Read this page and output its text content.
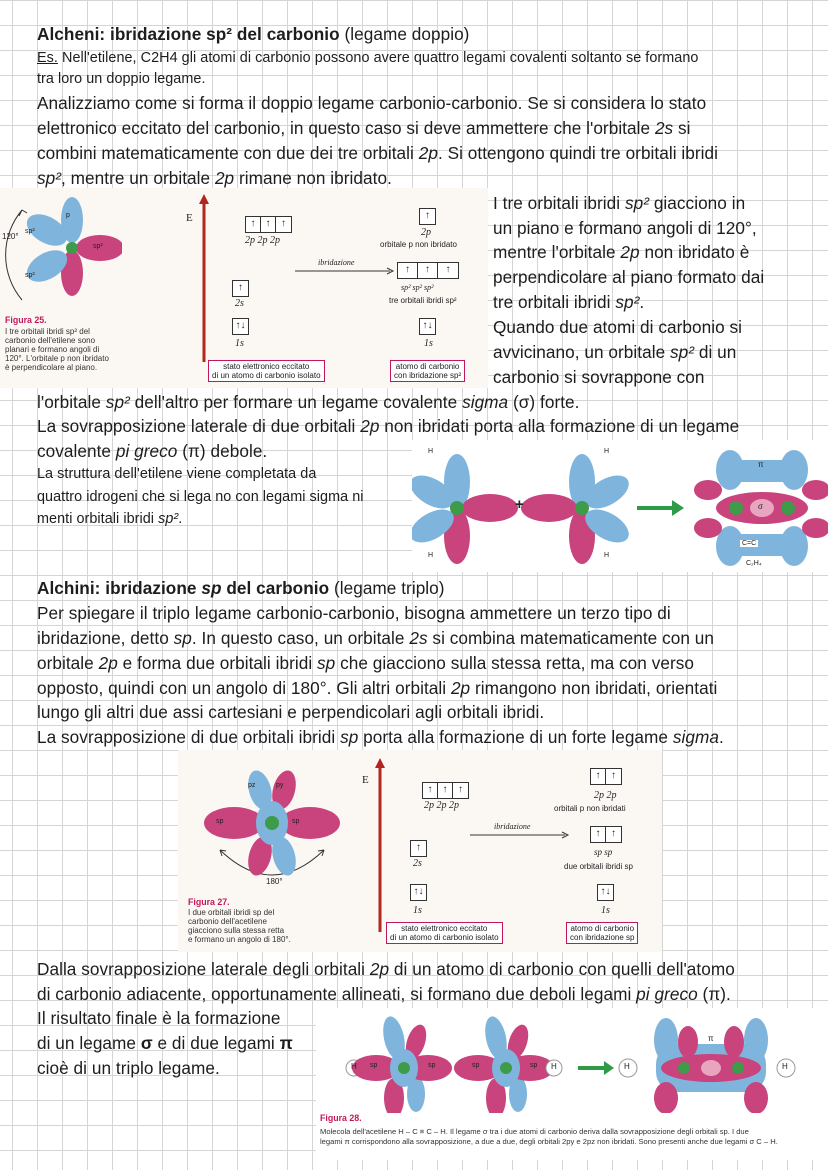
Alcheni: ibridazione sp² del carbonio (legame doppio)
Es. Nell'etilene, C2H4 gli atomi di carbonio possono avere quattro legami covalenti soltanto se formano
tra loro un doppio legame.
Analizziamo come si forma il doppio legame carbonio-carbonio. Se si considera lo stato
elettronico eccitato del carbonio, in questo caso si deve ammettere che l'orbitale 2s si
combini matematicamente con due dei tre orbitali 2p. Si ottengono quindi tre orbitali ibridi
sp², mentre un orbitale 2p rimane non ibridato.
I tre orbitali ibridi sp² giacciono in
un piano e formano angoli di 120°,
mentre l'orbitale 2p non ibridato è
perpendicolare al piano formato dai
tre orbitali ibridi sp².
Quando due atomi di carbonio si
avvicinano, un orbitale sp² di un
carbonio si sovrappone con
l'orbitale sp² dell'altro per formare un legame covalente sigma (σ) forte.
La sovrapposizione laterale di due orbitali 2p non ibridati porta alla formazione di un legame
covalente pi greco (π) debole.
La struttura dell'etilene viene completata da
quattro idrogeni che si lega no con legami sigma ni
menti orbitali ibridi sp².
120°
p
sp²
sp²
sp²
Figura 25.
I tre orbitali ibridi sp² del
carbonio dell'etilene sono
planari e formano angoli di
120°. L'orbitale p non ibridato
è perpendicolare al piano.
E	↑	↑	↑
2p 2p 2p
↑
2s
↑↓
1s
stato elettronico eccitato
di un atomo di carbonio isolato
ibridazione
↑
2p
orbitale p non ibridato
↑	↑	↑
sp² sp² sp²
tre orbitali ibridi sp²
↑↓
1s
atomo di carbonio
con ibridazione sp²
+
H
H
H
H
π
σ
C=C
C₂H₄
Alchini: ibridazione sp del carbonio (legame triplo)
Per spiegare il triplo legame carbonio-carbonio, bisogna ammettere un terzo tipo di
ibridazione, detto sp. In questo caso, un orbitale 2s si combina matematicamente con un
orbitale 2p e forma due orbitali ibridi sp che giacciono sulla stessa retta, ma con verso
opposto, quindi con un angolo di 180°. Gli altri orbitali 2p rimangono non ibridati, orientati
lungo gli altri due assi cartesiani e perpendicolari agli orbitali ibridi.
La sovrapposizione di due orbitali ibridi sp porta alla formazione di un forte legame sigma.
pz	py
sp	sp
180°
Figura 27.
I due orbitali ibridi sp del
carbonio dell'acetilene
giacciono sulla stessa retta
e formano un angolo di 180°.
E
↑	↑	↑
2p 2p 2p
↑
2s
↑↓
1s
stato elettronico eccitato
di un atomo di carbonio isolato
ibridazione
↑	↑
2p 2p
orbitali p non ibridati
↑	↑
sp sp
due orbitali ibridi sp
↑↓
1s
atomo di carbonio
con ibridazione sp
Dalla sovrapposizione laterale degli orbitali 2p di un atomo di carbonio con quelli dell'atomo
di carbonio adiacente, opportunamente allineati, si formano due deboli legami pi greco (π).
Il risultato finale è la formazione
di un legame σ e di due legami π
cioè di un triplo legame.	H	H	H	H
sp	sp	sp	sp
π
Figura 28.
Molecola dell'acetilene H – C ≡ C – H. Il legame σ tra i due atomi di carbonio deriva dalla sovrapposizione degli orbitali sp. I due
legami π corrispondono alla sovrapposizione, a due a due, degli orbitali 2py e 2pz non ibridati. Sono presenti anche due legami σ C – H.
